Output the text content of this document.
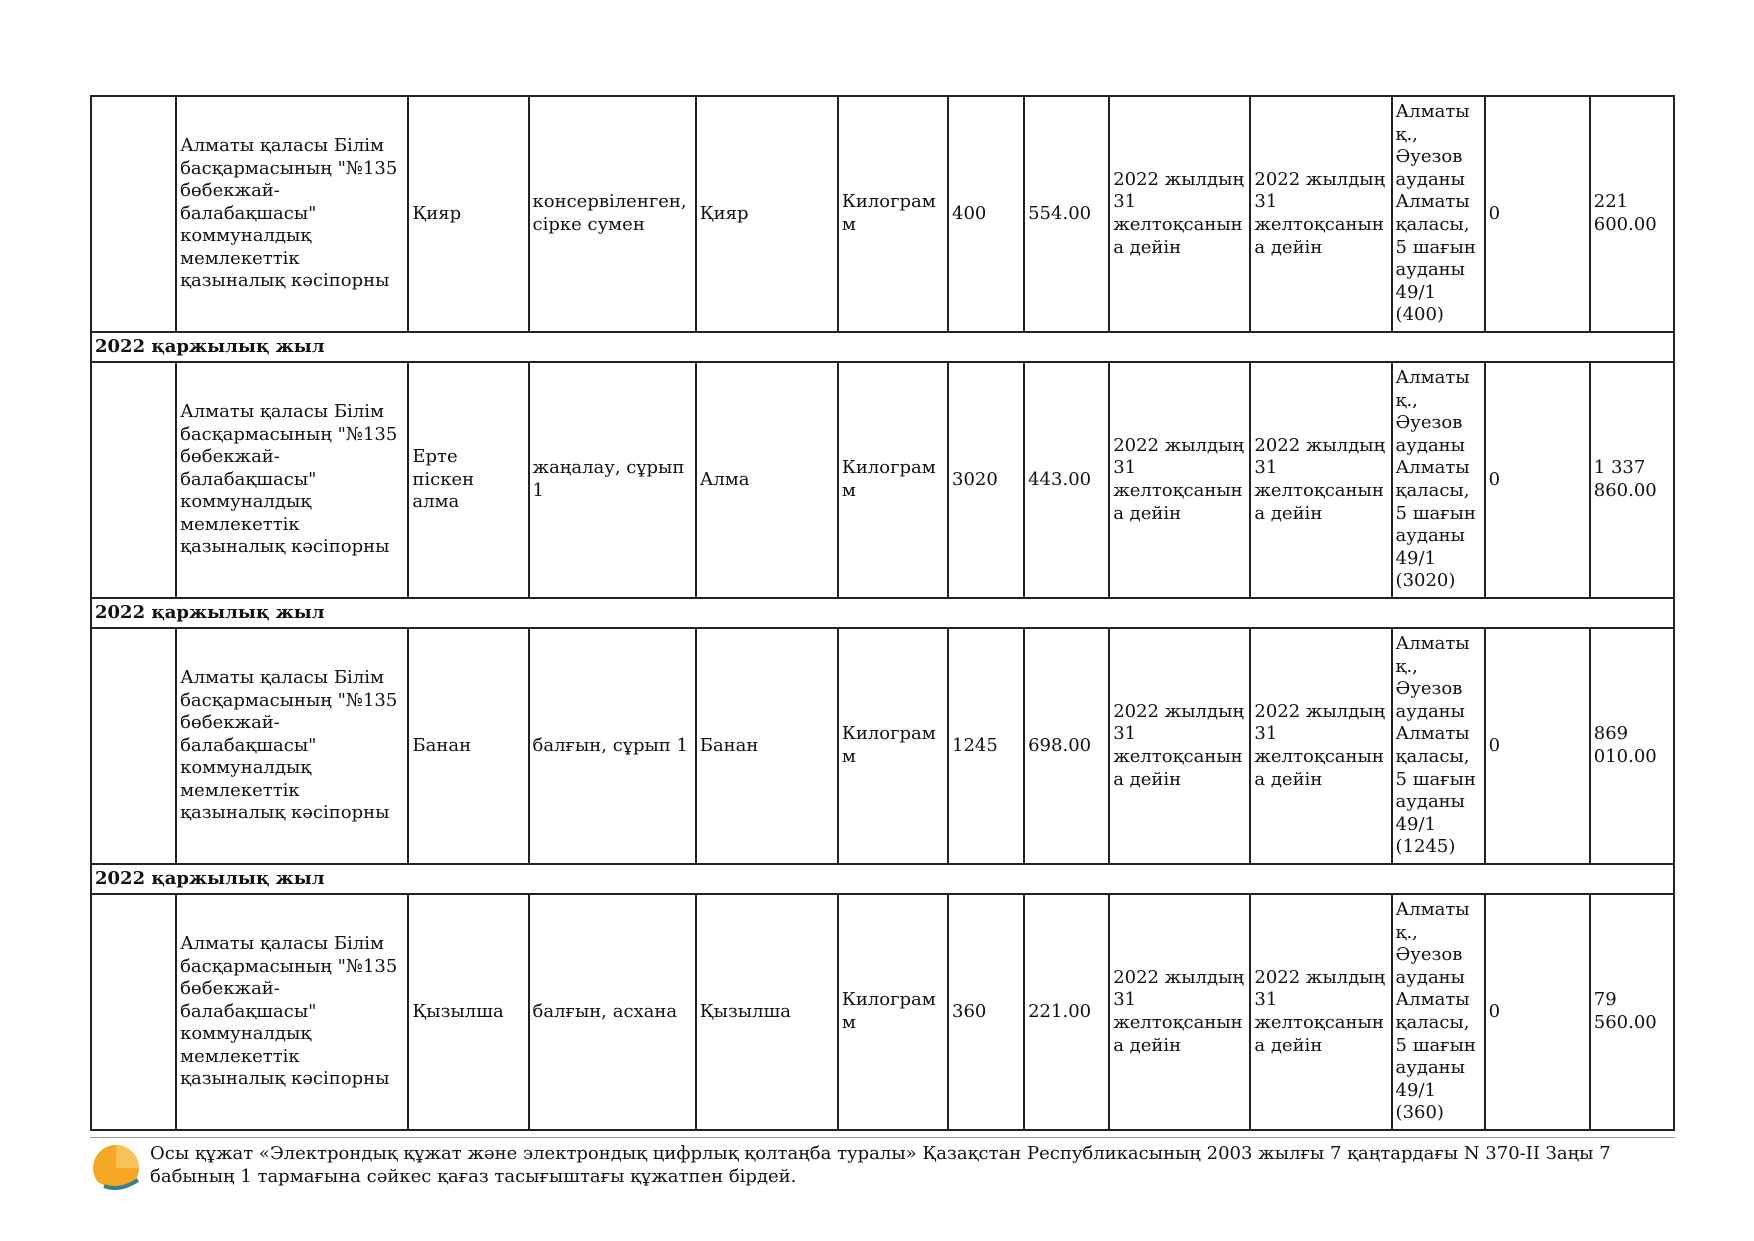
	Алматы қаласы Білім басқармасының "№135 бөбекжай-балабақшасы" коммуналдық мемлекеттік қазыналық кәсіпорны	Қияр	консервіленген, сірке сумен	Қияр	Килограмм	400	554.00	2022 жылдың 31 желтоқсанына дейін	2022 жылдың 31 желтоқсанына дейін	Алматы қ., Әуезов ауданы Алматы қаласы, 5 шағын ауданы 49/1 (400)	0	221 600.00
2022 қаржылық жыл												
	Алматы қаласы Білім басқармасының "№135 бөбекжай-балабақшасы" коммуналдық мемлекеттік қазыналық кәсіпорны	Ерте піскен алма	жаңалау, сұрып 1	Алма	Килограмм	3020	443.00	2022 жылдың 31 желтоқсанына дейін	2022 жылдың 31 желтоқсанына дейін	Алматы қ., Әуезов ауданы Алматы қаласы, 5 шағын ауданы 49/1 (3020)	0	1 337 860.00
2022 қаржылық жыл												
	Алматы қаласы Білім басқармасының "№135 бөбекжай-балабақшасы" коммуналдық мемлекеттік қазыналық кәсіпорны	Банан	балғын, сұрып 1	Банан	Килограмм	1245	698.00	2022 жылдың 31 желтоқсанына дейін	2022 жылдың 31 желтоқсанына дейін	Алматы қ., Әуезов ауданы Алматы қаласы, 5 шағын ауданы 49/1 (1245)	0	869 010.00
2022 қаржылық жыл												
	Алматы қаласы Білім басқармасының "№135 бөбекжай-балабақшасы" коммуналдық мемлекеттік қазыналық кәсіпорны	Қызылша	балғын, асхана	Қызылша	Килограмм	360	221.00	2022 жылдың 31 желтоқсанына дейін	2022 жылдың 31 желтоқсанына дейін	Алматы қ., Әуезов ауданы Алматы қаласы, 5 шағын ауданы 49/1 (360)	0	79 560.00
Осы құжат «Электрондық құжат және электрондық цифрлық қолтаңба туралы» Қазақстан Республикасының 2003 жылғы 7 қаңтардағы N 370-II Заңы 7 бабының 1 тармағына сәйкес қағаз тасығыштағы құжатпен бірдей.
